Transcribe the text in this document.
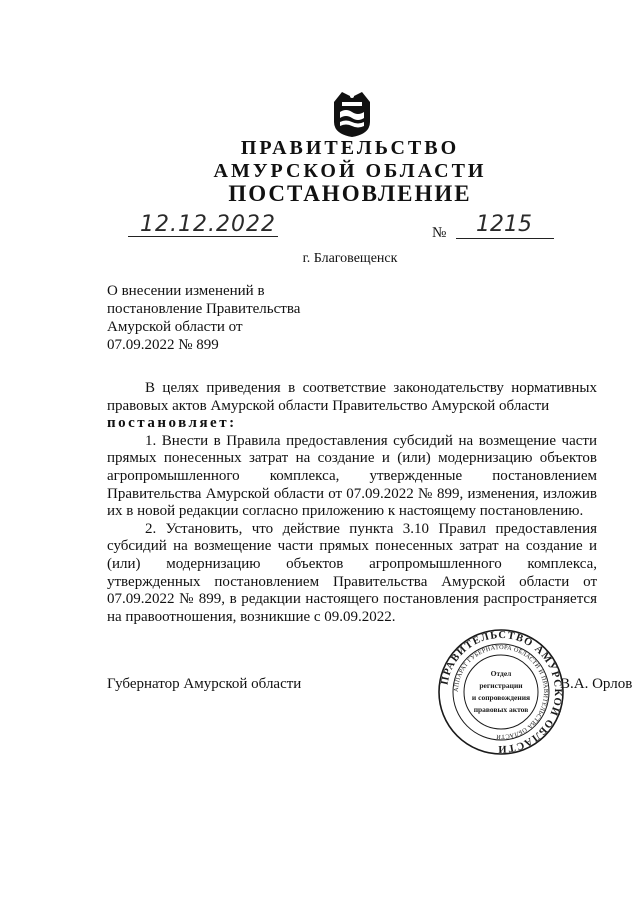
ПРАВИТЕЛЬСТВО
АМУРСКОЙ ОБЛАСТИ
ПОСТАНОВЛЕНИЕ
12.12.2022	№ 1215
г. Благовещенск
О внесении изменений в
постановление Правительства
Амурской области от
07.09.2022 № 899

В целях приведения в соответствие законодательству нормативных правовых актов Амурской области Правительство Амурской области

постановляет:

1. Внести в Правила предоставления субсидий на возмещение части прямых понесенных затрат на создание и (или) модернизацию объектов агропромышленного комплекса, утвержденные постановлением Правительства Амурской области от 07.09.2022 № 899, изменения, изложив их в новой редакции согласно приложению к настоящему постановлению.

2. Установить, что действие пункта 3.10 Правил предоставления субсидий на возмещение части прямых понесенных затрат на создание и (или) модернизацию объектов агропромышленного комплекса, утвержденных постановлением Правительства Амурской области от 07.09.2022 № 899, в редакции настоящего постановления распространяется на правоотношения, возникшие с 09.09.2022.

Губернатор Амурской области	В.А. Орлов
ПРАВИТЕЛЬСТВО АМУРСКОЙ ОБЛАСТИ
АППАРАТ ГУБЕРНАТОРА ОБЛАСТИ И ПРАВИТЕЛЬСТВА ОБЛАСТИ
Отдел
регистрации
и сопровождения
правовых актов
